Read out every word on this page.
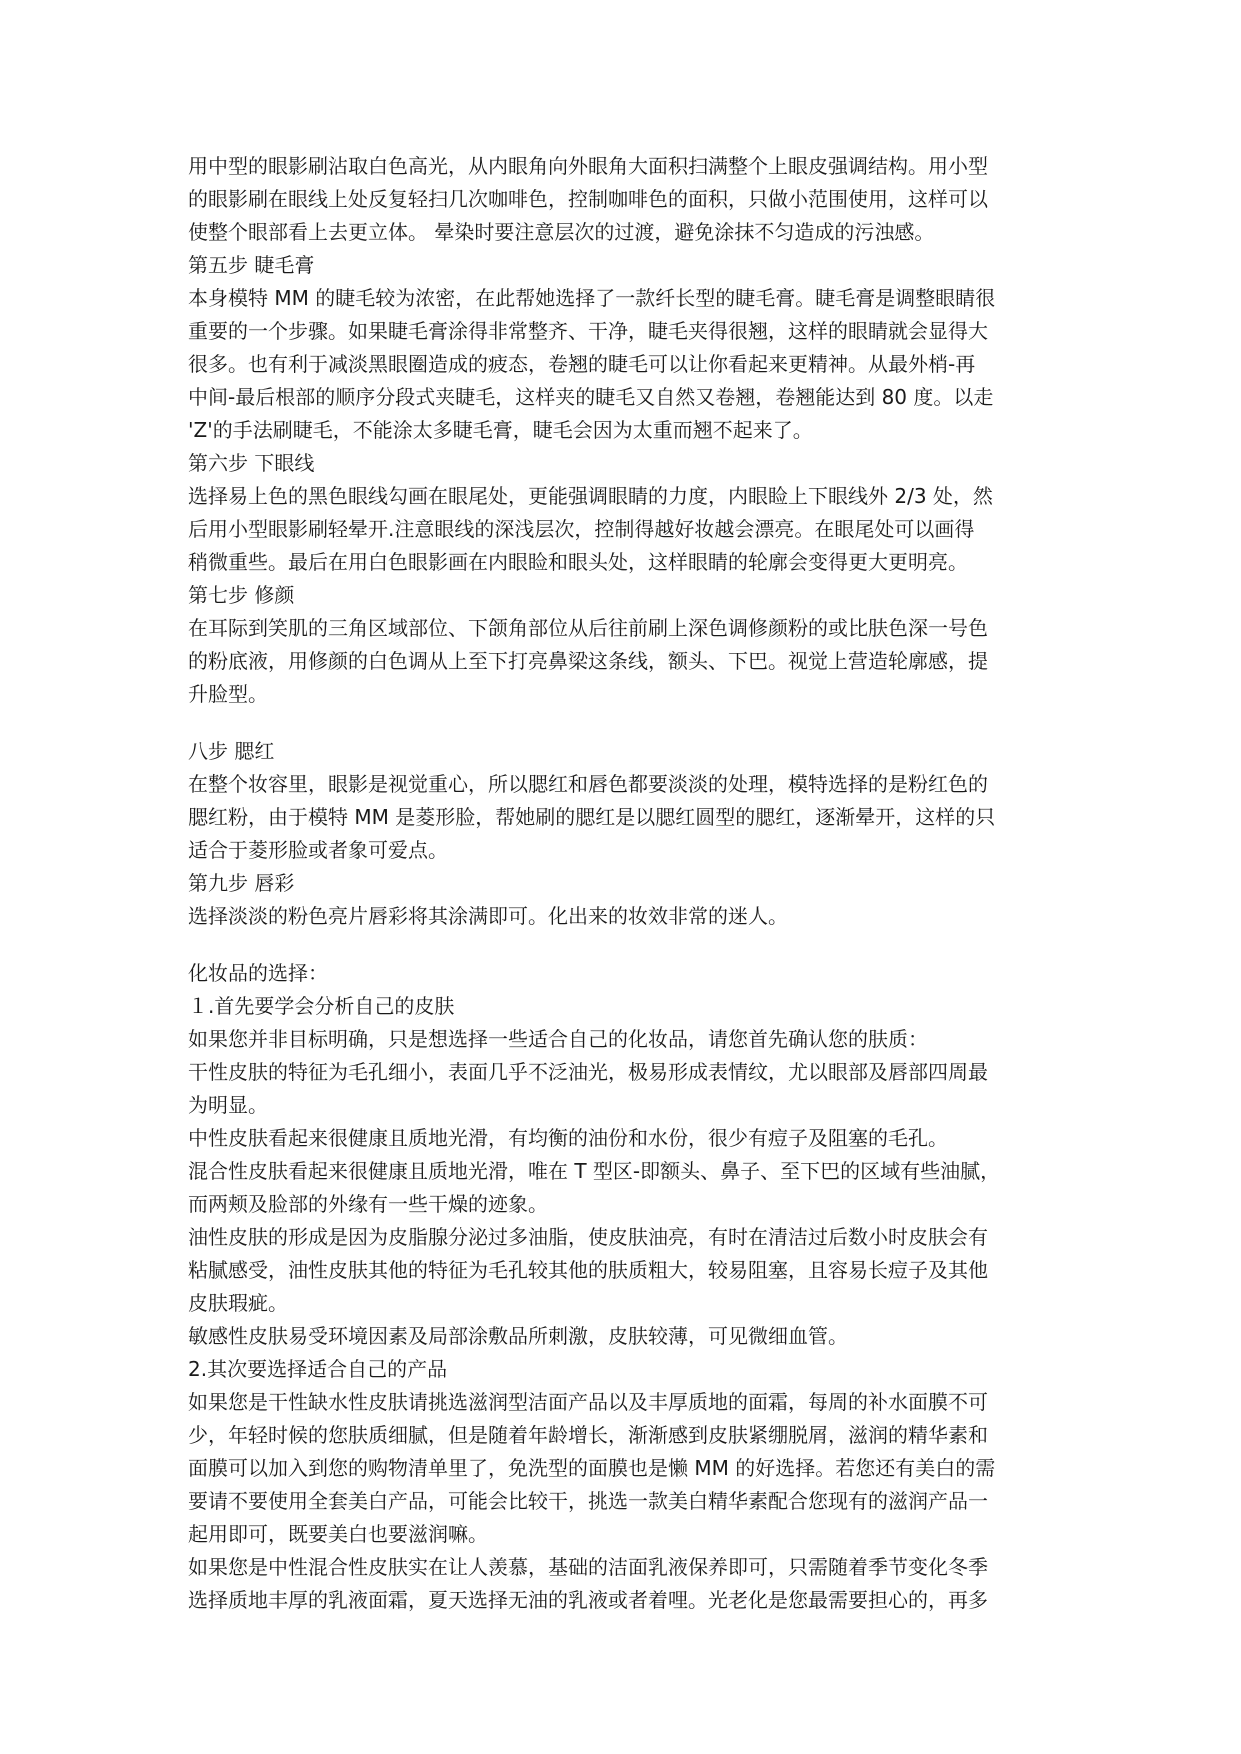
用中型的眼影刷沾取白色高光，从内眼角向外眼角大面积扫满整个上眼皮强调结构。用小型
的眼影刷在眼线上处反复轻扫几次咖啡色，控制咖啡色的面积，只做小范围使用，这样可以
使整个眼部看上去更立体。 晕染时要注意层次的过渡，避免涂抹不匀造成的污浊感。
第五步 睫毛膏
本身模特 MM 的睫毛较为浓密，在此帮她选择了一款纤长型的睫毛膏。睫毛膏是调整眼睛很
重要的一个步骤。如果睫毛膏涂得非常整齐、干净，睫毛夹得很翘，这样的眼睛就会显得大
很多。也有利于减淡黑眼圈造成的疲态，卷翘的睫毛可以让你看起来更精神。从最外梢-再
中间-最后根部的顺序分段式夹睫毛，这样夹的睫毛又自然又卷翘，卷翘能达到 80 度。以走
'Z'的手法刷睫毛，不能涂太多睫毛膏，睫毛会因为太重而翘不起来了。
第六步 下眼线
选择易上色的黑色眼线勾画在眼尾处，更能强调眼睛的力度，内眼睑上下眼线外 2/3 处，然
后用小型眼影刷轻晕开.注意眼线的深浅层次，控制得越好妆越会漂亮。在眼尾处可以画得
稍微重些。最后在用白色眼影画在内眼睑和眼头处，这样眼睛的轮廓会变得更大更明亮。
第七步 修颜
在耳际到笑肌的三角区域部位、下颌角部位从后往前刷上深色调修颜粉的或比肤色深一号色
的粉底液，用修颜的白色调从上至下打亮鼻梁这条线，额头、下巴。视觉上营造轮廓感，提
升脸型。
八步 腮红
在整个妆容里，眼影是视觉重心，所以腮红和唇色都要淡淡的处理，模特选择的是粉红色的
腮红粉，由于模特 MM 是菱形脸，帮她刷的腮红是以腮红圆型的腮红，逐渐晕开，这样的只
适合于菱形脸或者象可爱点。
第九步 唇彩
选择淡淡的粉色亮片唇彩将其涂满即可。化出来的妆效非常的迷人。
化妆品的选择：
１.首先要学会分析自己的皮肤
如果您并非目标明确，只是想选择一些适合自己的化妆品，请您首先确认您的肤质：
干性皮肤的特征为毛孔细小，表面几乎不泛油光，极易形成表情纹，尤以眼部及唇部四周最
为明显。
中性皮肤看起来很健康且质地光滑，有均衡的油份和水份，很少有痘子及阻塞的毛孔。
混合性皮肤看起来很健康且质地光滑，唯在 T 型区-即额头、鼻子、至下巴的区域有些油腻，
而两颊及脸部的外缘有一些干燥的迹象。
油性皮肤的形成是因为皮脂腺分泌过多油脂，使皮肤油亮，有时在清洁过后数小时皮肤会有
粘腻感受，油性皮肤其他的特征为毛孔较其他的肤质粗大，较易阻塞，且容易长痘子及其他
皮肤瑕疵。
敏感性皮肤易受环境因素及局部涂敷品所刺激，皮肤较薄，可见微细血管。
2.其次要选择适合自己的产品
如果您是干性缺水性皮肤请挑选滋润型洁面产品以及丰厚质地的面霜，每周的补水面膜不可
少，年轻时候的您肤质细腻，但是随着年龄增长，渐渐感到皮肤紧绷脱屑，滋润的精华素和
面膜可以加入到您的购物清单里了，免洗型的面膜也是懒 MM 的好选择。若您还有美白的需
要请不要使用全套美白产品，可能会比较干，挑选一款美白精华素配合您现有的滋润产品一
起用即可，既要美白也要滋润嘛。
如果您是中性混合性皮肤实在让人羡慕，基础的洁面乳液保养即可，只需随着季节变化冬季
选择质地丰厚的乳液面霜，夏天选择无油的乳液或者着哩。光老化是您最需要担心的，再多
